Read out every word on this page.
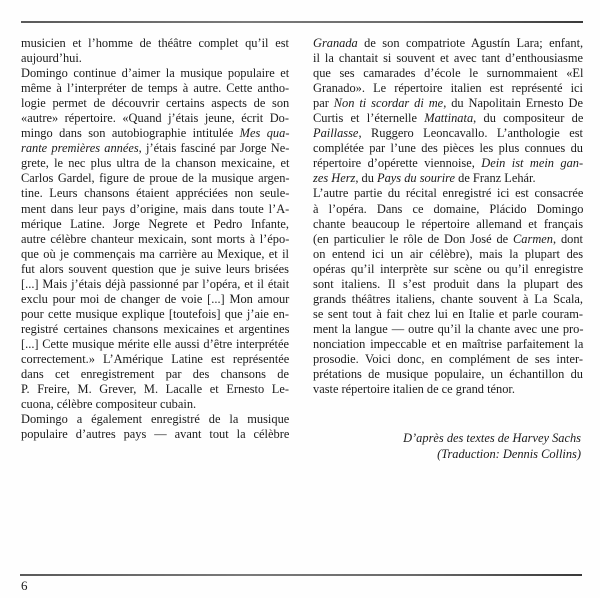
musicien et l’homme de théâtre complet qu’il est
aujourd’hui.
Domingo continue d’aimer la musique populaire et
même à l’interpréter de temps à autre. Cette antho-
logie permet de découvrir certains aspects de son
«autre» répertoire. «Quand j’étais jeune, écrit Do-
mingo dans son autobiographie intitulée Mes qua-
rante premières années, j’étais fasciné par Jorge Ne-
grete, le nec plus ultra de la chanson mexicaine, et
Carlos Gardel, figure de proue de la musique argen-
tine. Leurs chansons étaient appréciées non seule-
ment dans leur pays d’origine, mais dans toute l’A-
mérique Latine. Jorge Negrete et Pedro Infante,
autre célèbre chanteur mexicain, sont morts à l’épo-
que où je commençais ma carrière au Mexique, et il
fut alors souvent question que je suive leurs brisées
[...] Mais j’étais déjà passionné par l’opéra, et il était
exclu pour moi de changer de voie [...] Mon amour
pour cette musique explique [toutefois] que j’aie en-
registré certaines chansons mexicaines et argentines
[...] Cette musique mérite elle aussi d’être interprétée
correctement.» L’Amérique Latine est représentée
dans cet enregistrement par des chansons de
P. Freire, M. Grever, M. Lacalle et Ernesto Le-
cuona, célèbre compositeur cubain.
Domingo a également enregistré de la musique
populaire d’autres pays — avant tout la célèbre
Granada de son compatriote Agustín Lara; enfant,
il la chantait si souvent et avec tant d’enthousiasme
que ses camarades d’école le surnommaient «El
Granado». Le répertoire italien est représenté ici
par Non ti scordar di me, du Napolitain Ernesto De
Curtis et l’éternelle Mattinata, du compositeur de
Paillasse, Ruggero Leoncavallo. L’anthologie est
complétée par l’une des pièces les plus connues du
répertoire d’opérette viennoise, Dein ist mein gan-
zes Herz, du Pays du sourire de Franz Lehár.
L’autre partie du récital enregistré ici est consacrée
à l’opéra. Dans ce domaine, Plácido Domingo
chante beaucoup le répertoire allemand et français
(en particulier le rôle de Don José de Carmen, dont
on entend ici un air célèbre), mais la plupart des
opéras qu’il interprète sur scène ou qu’il enregistre
sont italiens. Il s’est produit dans la plupart des
grands théâtres italiens, chante souvent à La Scala,
se sent tout à fait chez lui en Italie et parle couram-
ment la langue — outre qu’il la chante avec une pro-
nonciation impeccable et en maîtrise parfaitement la
prosodie. Voici donc, en complément de ses inter-
prétations de musique populaire, un échantillon du
vaste répertoire italien de ce grand ténor.
D’après des textes de Harvey Sachs
(Traduction: Dennis Collins)
6
